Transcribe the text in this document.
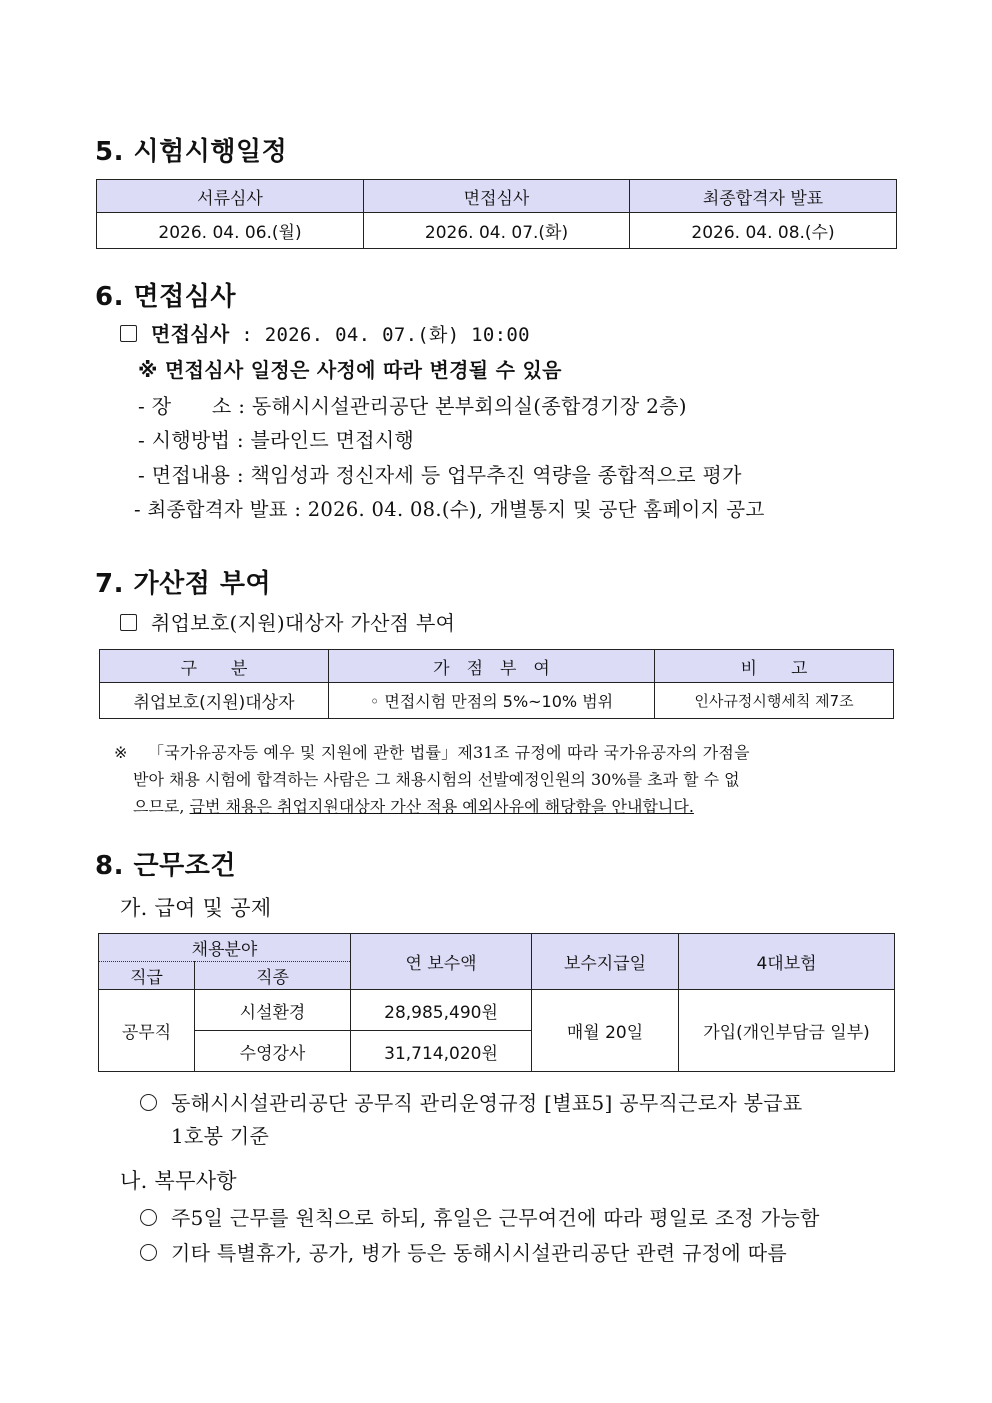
5. 시험시행일정
서류심사	면접심사	최종합격자 발표
2026. 04. 06.(월)	2026. 04. 07.(화)	2026. 04. 08.(수)
6. 면접심사
면접심사 : 2026. 04. 07.(화) 10:00
※ 면접심사 일정은 사정에 따라 변경될 수 있음
- 장　　소 : 동해시시설관리공단 본부회의실(종합경기장 2층)
- 시행방법 : 블라인드 면접시행
- 면접내용 : 책임성과 정신자세 등 업무추진 역량을 종합적으로 평가
- 최종합격자 발표 : 2026. 04. 08.(수), 개별통지 및 공단 홈페이지 공고
7. 가산점 부여
취업보호(지원)대상자 가산점 부여
구　　분	가　점　부　여	비　　고
취업보호(지원)대상자	◦ 면접시험 만점의 5%~10% 범위	인사규정시행세칙 제7조
※ 「국가유공자등 예우 및 지원에 관한 법률」제31조 규정에 따라 국가유공자의 가점을
받아 채용 시험에 합격하는 사람은 그 채용시험의 선발예정인원의 30%를 초과 할 수 없
으므로, 금번 채용은 취업지원대상자 가산 적용 예외사유에 해당함을 안내합니다.
8. 근무조건
가. 급여 및 공제
채용분야		연 보수액	보수지급일	4대보험
직급	직종			
공무직	시설환경	28,985,490원	매월 20일	가입(개인부담금 일부)
	수영강사	31,714,020원		
동해시시설관리공단 공무직 관리운영규정 [별표5] 공무직근로자 봉급표
1호봉 기준
나. 복무사항
주5일 근무를 원칙으로 하되, 휴일은 근무여건에 따라 평일로 조정 가능함
기타 특별휴가, 공가, 병가 등은 동해시시설관리공단 관련 규정에 따름
